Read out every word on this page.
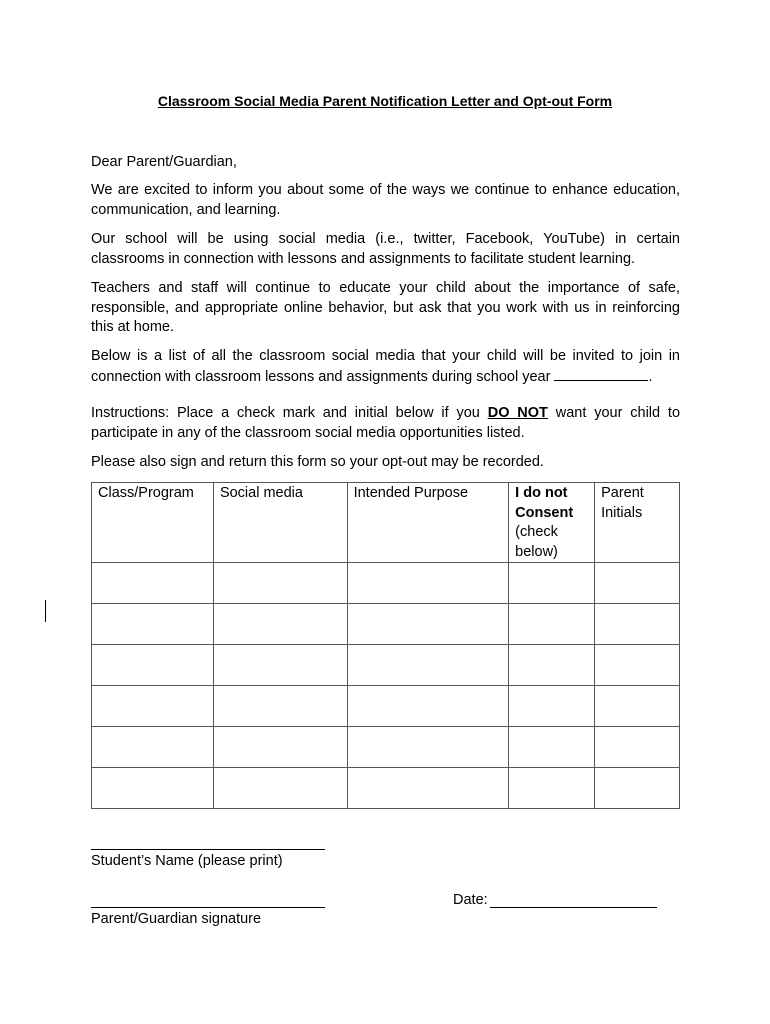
Classroom Social Media Parent Notification Letter and Opt-out Form
Dear Parent/Guardian,
We are excited to inform you about some of the ways we continue to enhance education,
communication, and learning.
Our school will be using social media (i.e., twitter, Facebook, YouTube) in certain
classrooms in connection with lessons and assignments to facilitate student learning.
Teachers and staff will continue to educate your child about the importance of safe,
responsible, and appropriate online behavior, but ask that you work with us in reinforcing
this at home.
Below is a list of all the classroom social media that your child will be invited to join in
connection with classroom lessons and assignments during school year	.
Instructions: Place a check mark and initial below if you DO NOT want your child to
participate in any of the classroom social media opportunities listed.
Please also sign and return this form so your opt-out may be recorded.
Class/Program	Social media	Intended Purpose	I do not Consent (check below)	Parent Initials

Student’s Name (please print)
Parent/Guardian signature
Date:
